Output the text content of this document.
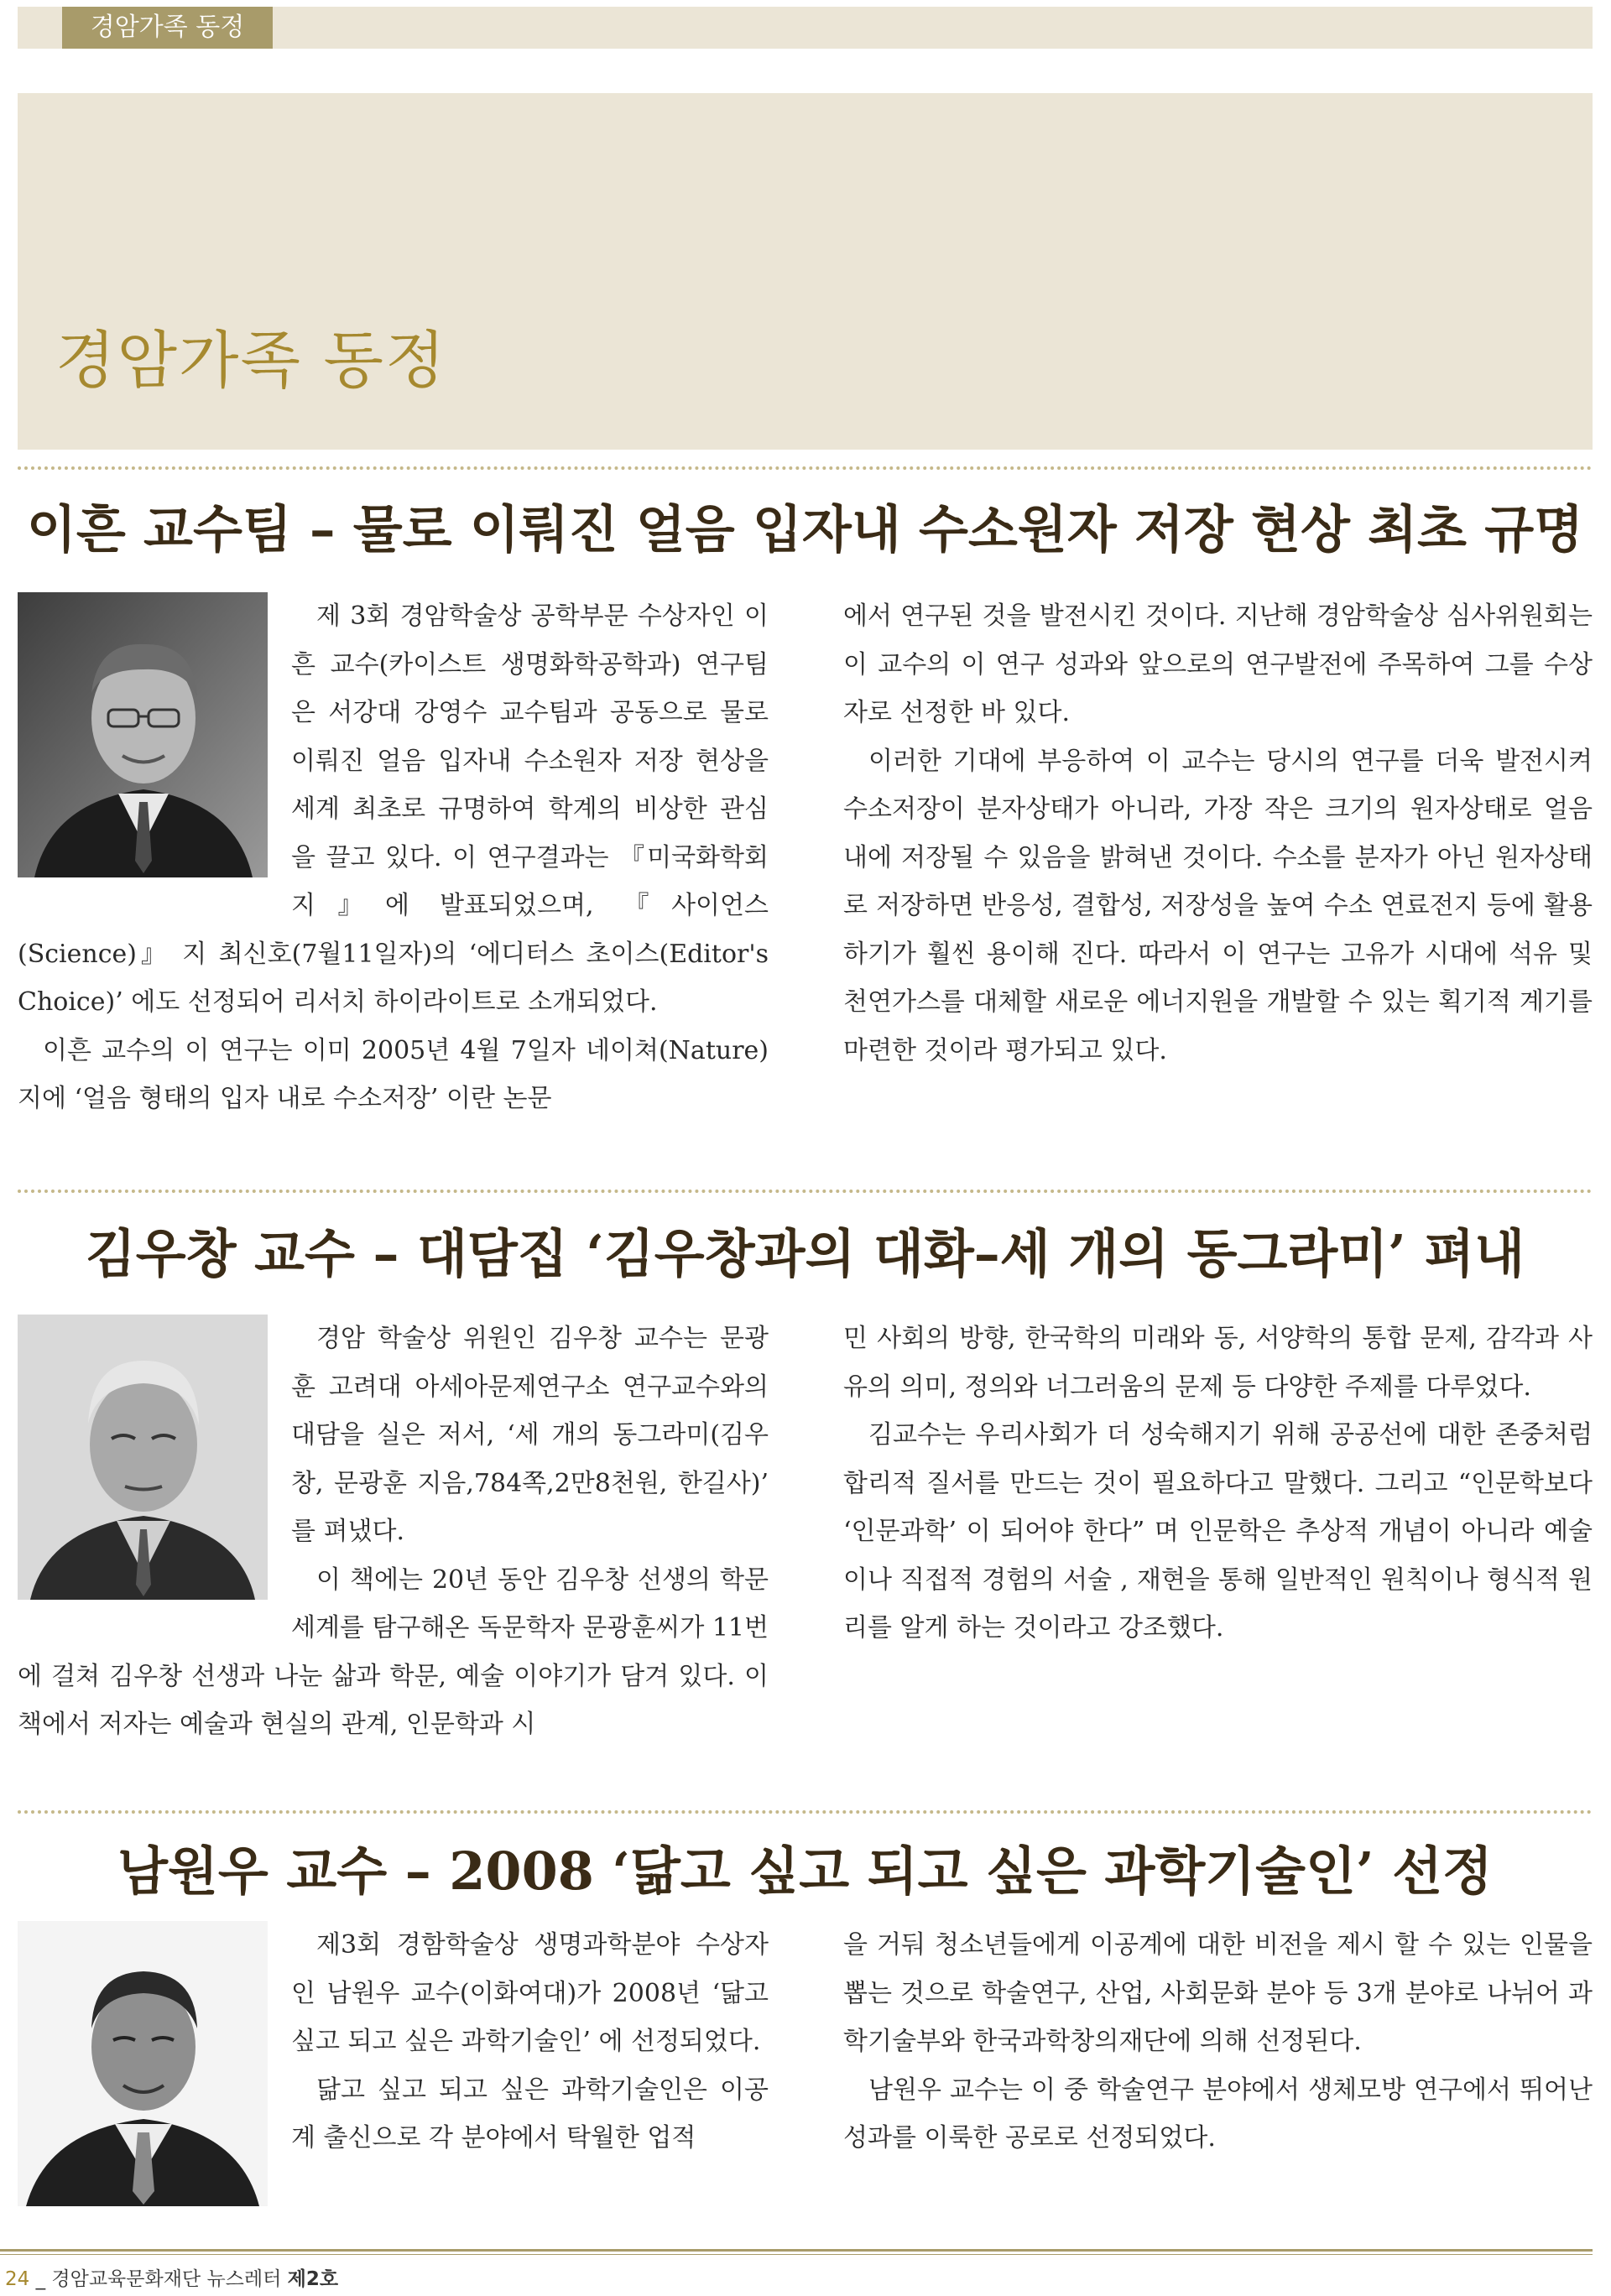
경암가족 동정
경암가족 동정
이흔 교수팀 – 물로 이뤄진 얼음 입자내 수소원자 저장 현상 최초 규명

제 3회 경암학술상 공학부문 수상자인 이흔 교수(카이스트 생명화학공학과) 연구팀은 서강대 강영수 교수팀과 공동으로 물로 이뤄진 얼음 입자내 수소원자 저장 현상을 세계 최초로 규명하여 학계의 비상한 관심을 끌고 있다. 이 연구결과는 『미국화학회지』에 발표되었으며, 『사이언스(Science)』 지 최신호(7월11일자)의 ‘에디터스 초이스(Editor's Choice)’ 에도 선정되어 리서치 하이라이트로 소개되었다.

이흔 교수의 이 연구는 이미 2005년 4월 7일자 네이쳐(Nature) 지에 ‘얼음 형태의 입자 내로 수소저장’ 이란 논문

에서 연구된 것을 발전시킨 것이다. 지난해 경암학술상 심사위원회는 이 교수의 이 연구 성과와 앞으로의 연구발전에 주목하여 그를 수상자로 선정한 바 있다.

이러한 기대에 부응하여 이 교수는 당시의 연구를 더욱 발전시켜 수소저장이 분자상태가 아니라, 가장 작은 크기의 원자상태로 얼음 내에 저장될 수 있음을 밝혀낸 것이다. 수소를 분자가 아닌 원자상태로 저장하면 반응성, 결합성, 저장성을 높여 수소 연료전지 등에 활용하기가 훨씬 용이해 진다. 따라서 이 연구는 고유가 시대에 석유 및 천연가스를 대체할 새로운 에너지원을 개발할 수 있는 획기적 계기를 마련한 것이라 평가되고 있다.

김우창 교수 – 대담집 ‘김우창과의 대화–세 개의 동그라미’ 펴내

경암 학술상 위원인 김우창 교수는 문광훈 고려대 아세아문제연구소 연구교수와의 대담을 실은 저서, ‘세 개의 동그라미(김우창, 문광훈 지음,784쪽,2만8천원, 한길사)’ 를 펴냈다.

이 책에는 20년 동안 김우창 선생의 학문 세계를 탐구해온 독문학자 문광훈씨가 11번에 걸쳐 김우창 선생과 나눈 삶과 학문, 예술 이야기가 담겨 있다. 이 책에서 저자는 예술과 현실의 관계, 인문학과 시

민 사회의 방향, 한국학의 미래와 동, 서양학의 통합 문제, 감각과 사유의 의미, 정의와 너그러움의 문제 등 다양한 주제를 다루었다.

김교수는 우리사회가 더 성숙해지기 위해 공공선에 대한 존중처럼 합리적 질서를 만드는 것이 필요하다고 말했다. 그리고 “인문학보다 ‘인문과학’ 이 되어야 한다” 며 인문학은 추상적 개념이 아니라 예술이나 직접적 경험의 서술 , 재현을 통해 일반적인 원칙이나 형식적 원리를 알게 하는 것이라고 강조했다.

남원우 교수 – 2008 ‘닮고 싶고 되고 싶은 과학기술인’ 선정

제3회 경함학술상 생명과학분야 수상자인 남원우 교수(이화여대)가 2008년 ‘닮고 싶고 되고 싶은 과학기술인’ 에 선정되었다.

닮고 싶고 되고 싶은 과학기술인은 이공계 출신으로 각 분야에서 탁월한 업적

을 거둬 청소년들에게 이공계에 대한 비전을 제시 할 수 있는 인물을 뽑는 것으로 학술연구, 산업, 사회문화 분야 등 3개 분야로 나뉘어 과학기술부와 한국과학창의재단에 의해 선정된다.

남원우 교수는 이 중 학술연구 분야에서 생체모방 연구에서 뛰어난 성과를 이룩한 공로로 선정되었다.

24 _ 경암교육문화재단 뉴스레터 제2호
